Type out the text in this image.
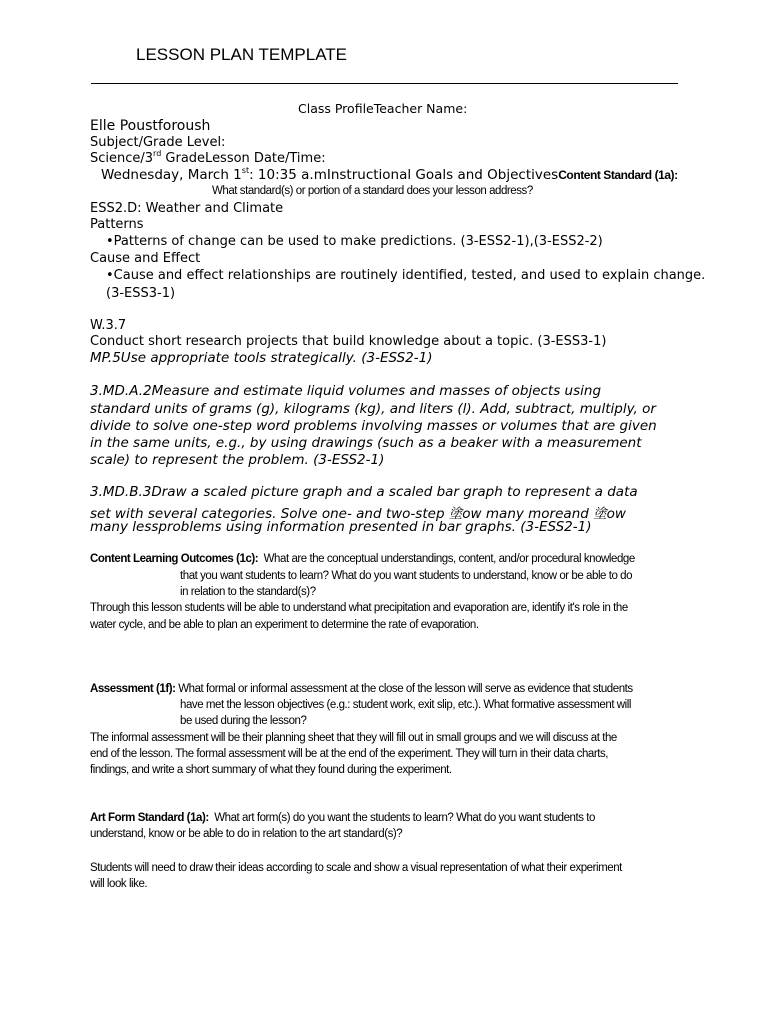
LESSON PLAN TEMPLATE
Class ProfileTeacher Name:
Elle Poustforoush
Subject/Grade Level:
Science/3rd GradeLesson Date/Time:
Wednesday, March 1st: 10:35 a.mInstructional Goals and ObjectivesContent Standard (1a):
What standard(s) or portion of a standard does your lesson address?
ESS2.D: Weather and Climate
Patterns
•Patterns of change can be used to make predictions. (3-ESS2-1),(3-ESS2-2)
Cause and Effect
•Cause and effect relationships are routinely identified, tested, and used to explain change.
(3-ESS3-1)
W.3.7
Conduct short research projects that build knowledge about a topic. (3-ESS3-1)
MP.5Use appropriate tools strategically. (3-ESS2-1)
3.MD.A.2Measure and estimate liquid volumes and masses of objects using
standard units of grams (g), kilograms (kg), and liters (l). Add, subtract, multiply, or
divide to solve one-step word problems involving masses or volumes that are given
in the same units, e.g., by using drawings (such as a beaker with a measurement
scale) to represent the problem. (3-ESS2-1)
3.MD.B.3Draw a scaled picture graph and a scaled bar graph to represent a data
set with several categories. Solve one- and two-step 塗ow many moreand 塗ow
many lessproblems using information presented in bar graphs. (3-ESS2-1)
Content Learning Outcomes (1c): What are the conceptual understandings, content, and/or procedural knowledge
that you want students to learn? What do you want students to understand, know or be able to do
in relation to the standard(s)?
Through this lesson students will be able to understand what precipitation and evaporation are, identify it's role in the
water cycle, and be able to plan an experiment to determine the rate of evaporation.
Assessment (1f): What formal or informal assessment at the close of the lesson will serve as evidence that students
have met the lesson objectives (e.g.: student work, exit slip, etc.). What formative assessment will
be used during the lesson?
The informal assessment will be their planning sheet that they will fill out in small groups and we will discuss at the
end of the lesson. The formal assessment will be at the end of the experiment. They will turn in their data charts,
findings, and write a short summary of what they found during the experiment.
Art Form Standard (1a): What art form(s) do you want the students to learn? What do you want students to
understand, know or be able to do in relation to the art standard(s)?
Students will need to draw their ideas according to scale and show a visual representation of what their experiment
will look like.
